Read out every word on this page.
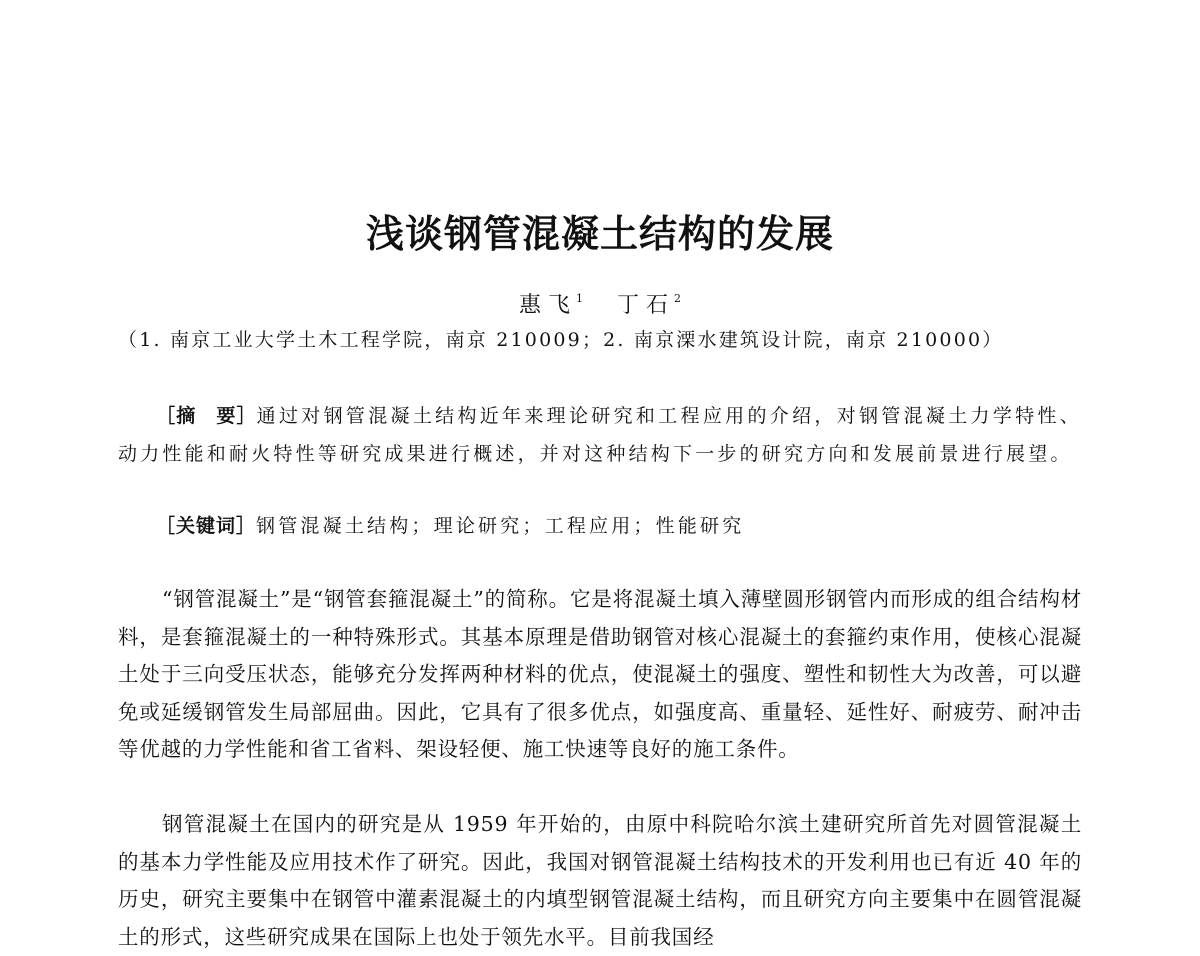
浅谈钢管混凝土结构的发展
惠 飞 $^1$ 丁 石 $^2$
（1. 南京工业大学土木工程学院，南京 210009；2. 南京溧水建筑设计院，南京 210000）
［摘　要］通过对钢管混凝土结构近年来理论研究和工程应用的介绍，对钢管混凝土力学特性、动力性能和耐火特性等研究成果进行概述，并对这种结构下一步的研究方向和发展前景进行展望。
［关键词］钢管混凝土结构；理论研究；工程应用；性能研究

“钢管混凝土”是“钢管套箍混凝土”的简称。它是将混凝土填入薄壁圆形钢管内而形成的组合结构材料，是套箍混凝土的一种特殊形式。其基本原理是借助钢管对核心混凝土的套箍约束作用，使核心混凝土处于三向受压状态，能够充分发挥两种材料的优点，使混凝土的强度、塑性和韧性大为改善，可以避免或延缓钢管发生局部屈曲。因此，它具有了很多优点，如强度高、重量轻、延性好、耐疲劳、耐冲击等优越的力学性能和省工省料、架设轻便、施工快速等良好的施工条件。

钢管混凝土在国内的研究是从 1959 年开始的，由原中科院哈尔滨土建研究所首先对圆管混凝土的基本力学性能及应用技术作了研究。因此，我国对钢管混凝土结构技术的开发利用也已有近 40 年的历史，研究主要集中在钢管中灌素混凝土的内填型钢管混凝土结构，而且研究方向主要集中在圆管混凝土的形式，这些研究成果在国际上也处于领先水平。目前我国经
